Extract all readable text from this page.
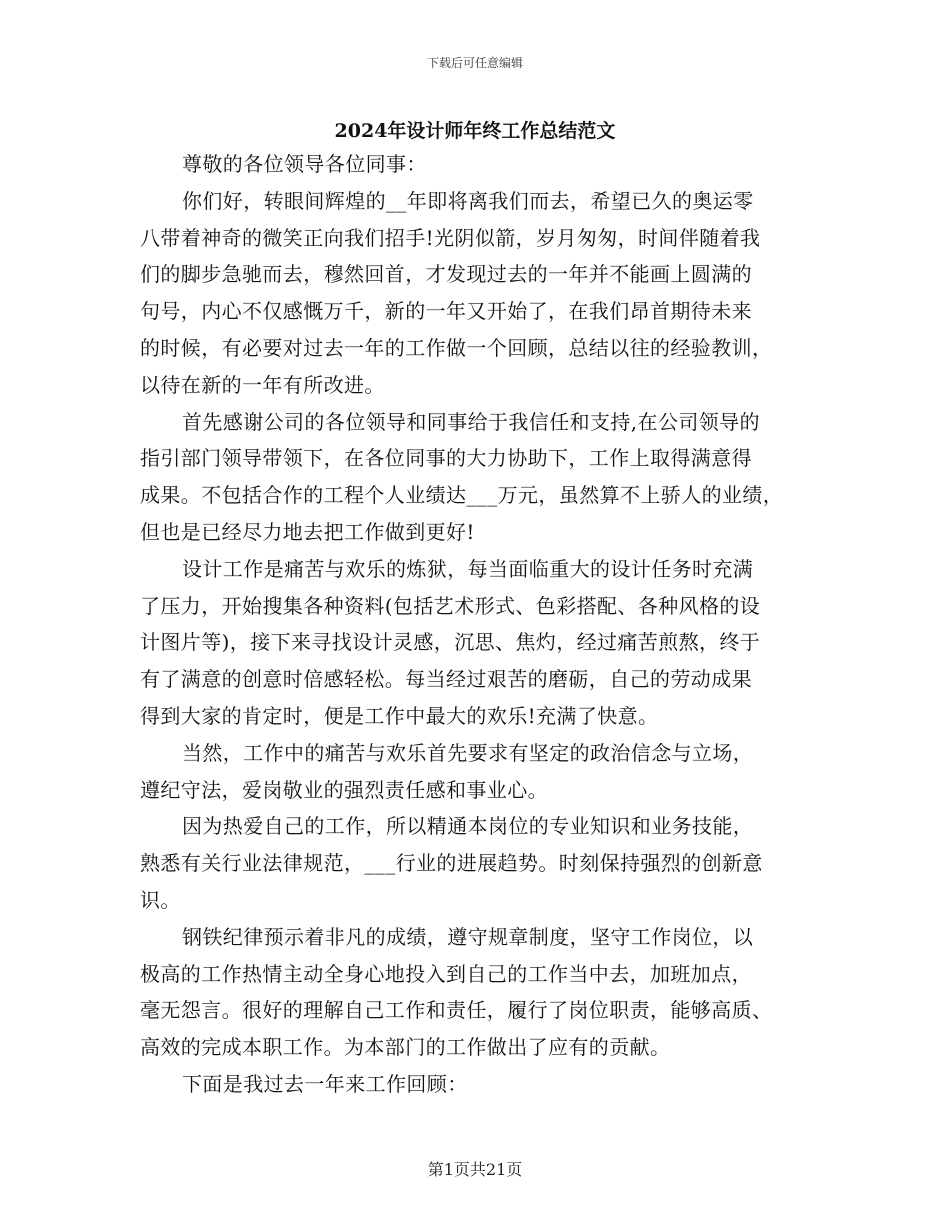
下载后可任意编辑
2024年设计师年终工作总结范文

尊敬的各位领导各位同事：

你们好，转眼间辉煌的__年即将离我们而去，希望已久的奥运零
八带着神奇的微笑正向我们招手!光阴似箭，岁月匆匆，时间伴随着我
们的脚步急驰而去，穆然回首，才发现过去的一年并不能画上圆满的
句号，内心不仅感慨万千，新的一年又开始了，在我们昂首期待未来
的时候，有必要对过去一年的工作做一个回顾，总结以往的经验教训，
以待在新的一年有所改进。

首先感谢公司的各位领导和同事给于我信任和支持,在公司领导的
指引部门领导带领下，在各位同事的大力协助下，工作上取得满意得
成果。不包括合作的工程个人业绩达___万元，虽然算不上骄人的业绩，
但也是已经尽力地去把工作做到更好!

设计工作是痛苦与欢乐的炼狱，每当面临重大的设计任务时充满
了压力，开始搜集各种资料(包括艺术形式、色彩搭配、各种风格的设
计图片等)，接下来寻找设计灵感，沉思、焦灼，经过痛苦煎熬，终于
有了满意的创意时倍感轻松。每当经过艰苦的磨砺，自己的劳动成果
得到大家的肯定时，便是工作中最大的欢乐!充满了快意。

当然，工作中的痛苦与欢乐首先要求有坚定的政治信念与立场，
遵纪守法，爱岗敬业的强烈责任感和事业心。

因为热爱自己的工作，所以精通本岗位的专业知识和业务技能，
熟悉有关行业法律规范，___行业的进展趋势。时刻保持强烈的创新意
识。

钢铁纪律预示着非凡的成绩，遵守规章制度，坚守工作岗位，以
极高的工作热情主动全身心地投入到自己的工作当中去，加班加点，
毫无怨言。很好的理解自己工作和责任，履行了岗位职责，能够高质、
高效的完成本职工作。为本部门的工作做出了应有的贡献。

下面是我过去一年来工作回顾：

第1页共21页
